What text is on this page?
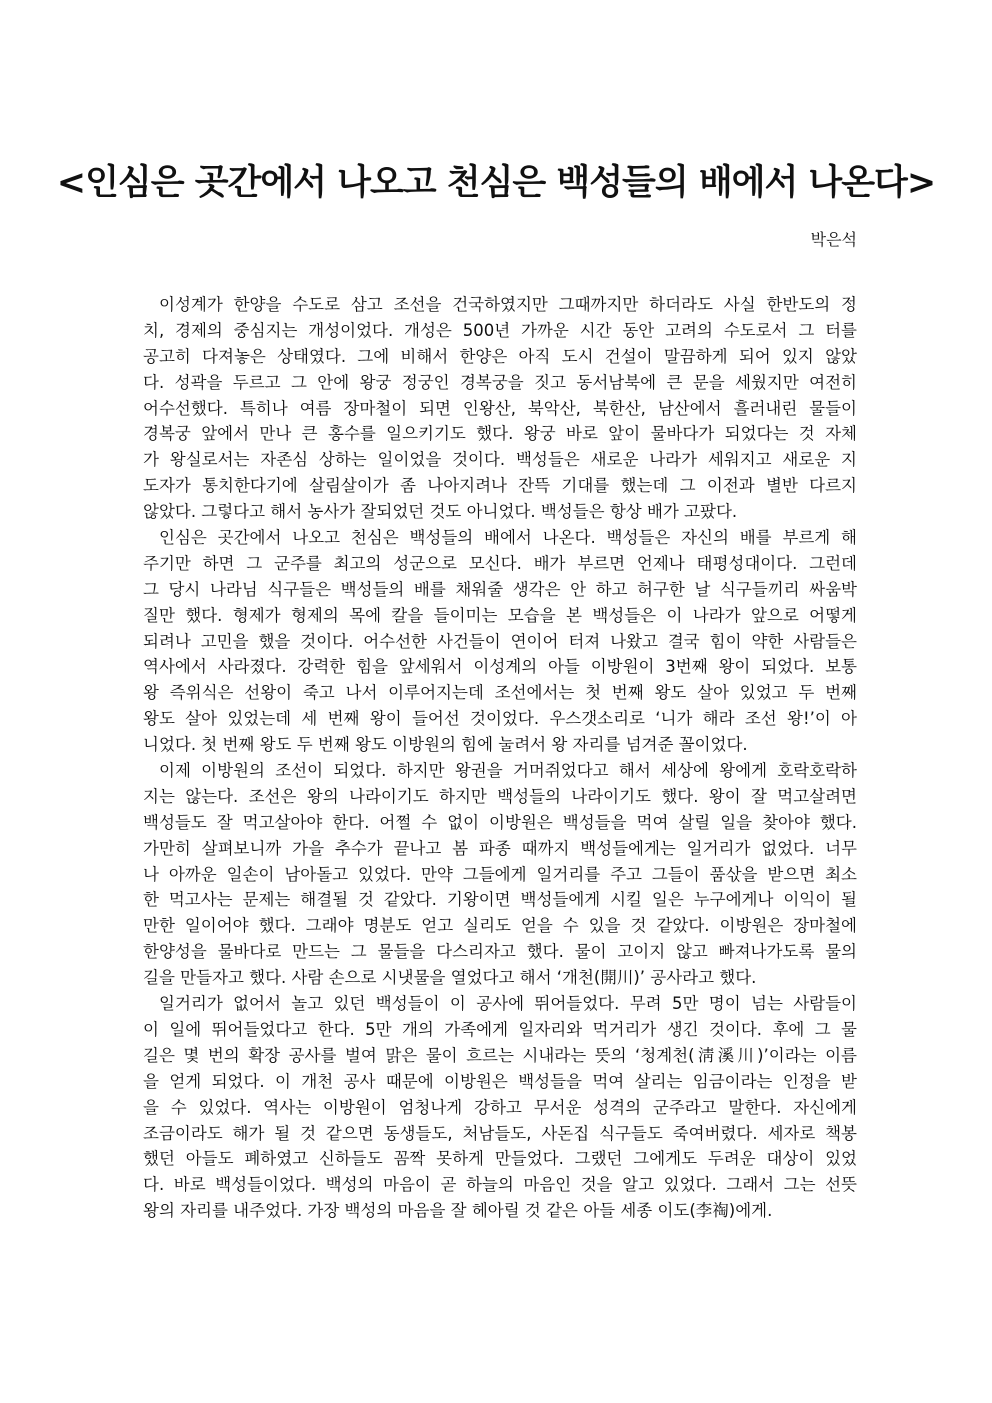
<인심은 곳간에서 나오고 천심은 백성들의 배에서 나온다>
박은석
이성계가 한양을 수도로 삼고 조선을 건국하였지만 그때까지만 하더라도 사실 한반도의 정
치, 경제의 중심지는 개성이었다. 개성은 500년 가까운 시간 동안 고려의 수도로서 그 터를
공고히 다져놓은 상태였다. 그에 비해서 한양은 아직 도시 건설이 말끔하게 되어 있지 않았
다. 성곽을 두르고 그 안에 왕궁 정궁인 경복궁을 짓고 동서남북에 큰 문을 세웠지만 여전히
어수선했다. 특히나 여름 장마철이 되면 인왕산, 북악산, 북한산, 남산에서 흘러내린 물들이
경복궁 앞에서 만나 큰 홍수를 일으키기도 했다. 왕궁 바로 앞이 물바다가 되었다는 것 자체
가 왕실로서는 자존심 상하는 일이었을 것이다. 백성들은 새로운 나라가 세워지고 새로운 지
도자가 통치한다기에 살림살이가 좀 나아지려나 잔뜩 기대를 했는데 그 이전과 별반 다르지
않았다. 그렇다고 해서 농사가 잘되었던 것도 아니었다. 백성들은 항상 배가 고팠다.
인심은 곳간에서 나오고 천심은 백성들의 배에서 나온다. 백성들은 자신의 배를 부르게 해
주기만 하면 그 군주를 최고의 성군으로 모신다. 배가 부르면 언제나 태평성대이다. 그런데
그 당시 나라님 식구들은 백성들의 배를 채워줄 생각은 안 하고 허구한 날 식구들끼리 싸움박
질만 했다. 형제가 형제의 목에 칼을 들이미는 모습을 본 백성들은 이 나라가 앞으로 어떻게
되려나 고민을 했을 것이다. 어수선한 사건들이 연이어 터져 나왔고 결국 힘이 약한 사람들은
역사에서 사라졌다. 강력한 힘을 앞세워서 이성계의 아들 이방원이 3번째 왕이 되었다. 보통
왕 즉위식은 선왕이 죽고 나서 이루어지는데 조선에서는 첫 번째 왕도 살아 있었고 두 번째
왕도 살아 있었는데 세 번째 왕이 들어선 것이었다. 우스갯소리로 ‘니가 해라 조선 왕!’이 아
니었다. 첫 번째 왕도 두 번째 왕도 이방원의 힘에 눌려서 왕 자리를 넘겨준 꼴이었다.
이제 이방원의 조선이 되었다. 하지만 왕권을 거머쥐었다고 해서 세상에 왕에게 호락호락하
지는 않는다. 조선은 왕의 나라이기도 하지만 백성들의 나라이기도 했다. 왕이 잘 먹고살려면
백성들도 잘 먹고살아야 한다. 어쩔 수 없이 이방원은 백성들을 먹여 살릴 일을 찾아야 했다.
가만히 살펴보니까 가을 추수가 끝나고 봄 파종 때까지 백성들에게는 일거리가 없었다. 너무
나 아까운 일손이 남아돌고 있었다. 만약 그들에게 일거리를 주고 그들이 품삯을 받으면 최소
한 먹고사는 문제는 해결될 것 같았다. 기왕이면 백성들에게 시킬 일은 누구에게나 이익이 될
만한 일이어야 했다. 그래야 명분도 얻고 실리도 얻을 수 있을 것 같았다. 이방원은 장마철에
한양성을 물바다로 만드는 그 물들을 다스리자고 했다. 물이 고이지 않고 빠져나가도록 물의
길을 만들자고 했다. 사람 손으로 시냇물을 열었다고 해서 ‘개천(開川)’ 공사라고 했다.
일거리가 없어서 놀고 있던 백성들이 이 공사에 뛰어들었다. 무려 5만 명이 넘는 사람들이
이 일에 뛰어들었다고 한다. 5만 개의 가족에게 일자리와 먹거리가 생긴 것이다. 후에 그 물
길은 몇 번의 확장 공사를 벌여 맑은 물이 흐르는 시내라는 뜻의 ‘청계천(淸溪川)’이라는 이름
을 얻게 되었다. 이 개천 공사 때문에 이방원은 백성들을 먹여 살리는 임금이라는 인정을 받
을 수 있었다. 역사는 이방원이 엄청나게 강하고 무서운 성격의 군주라고 말한다. 자신에게
조금이라도 해가 될 것 같으면 동생들도, 처남들도, 사돈집 식구들도 죽여버렸다. 세자로 책봉
했던 아들도 폐하였고 신하들도 꼼짝 못하게 만들었다. 그랬던 그에게도 두려운 대상이 있었
다. 바로 백성들이었다. 백성의 마음이 곧 하늘의 마음인 것을 알고 있었다. 그래서 그는 선뜻
왕의 자리를 내주었다. 가장 백성의 마음을 잘 헤아릴 것 같은 아들 세종 이도(李祹)에게.
